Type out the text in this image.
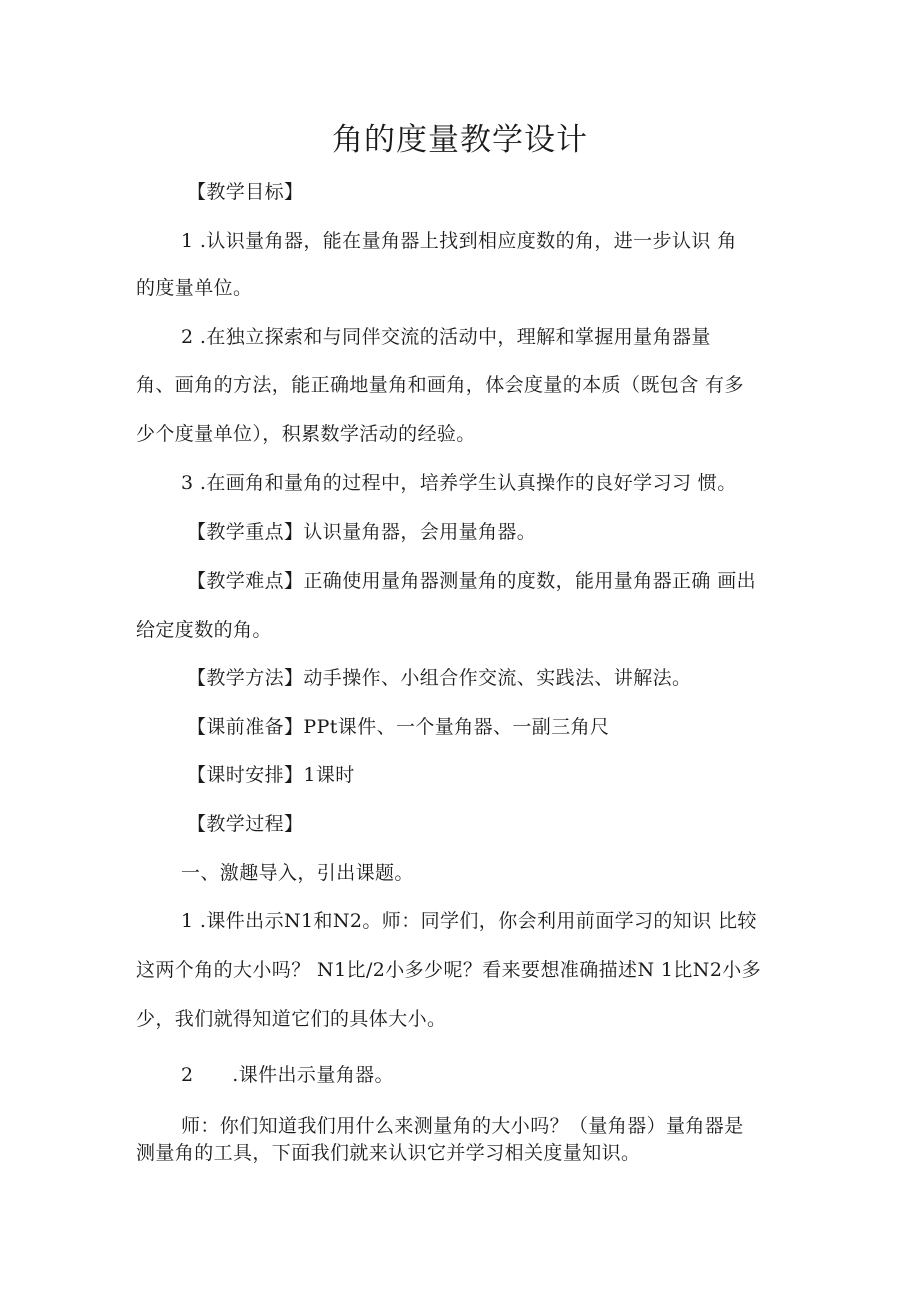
角的度量教学设计
【教学目标】
1 .认识量角器，能在量角器上找到相应度数的角，进一步认识 角
的度量单位。
2 .在独立探索和与同伴交流的活动中，理解和掌握用量角器量
角、画角的方法，能正确地量角和画角，体会度量的本质（既包含 有多
少个度量单位），积累数学活动的经验。
3 .在画角和量角的过程中，培养学生认真操作的良好学习习 惯。
【教学重点】认识量角器，会用量角器。
【教学难点】正确使用量角器测量角的度数，能用量角器正确 画出
给定度数的角。
【教学方法】动手操作、小组合作交流、实践法、讲解法。
【课前准备】PPt课件、一个量角器、一副三角尺
【课时安排】1课时
【教学过程】
一、激趣导入，引出课题。
1 .课件出示N1和N2。师：同学们，你会利用前面学习的知识 比较
这两个角的大小吗？ N1比/2小多少呢？看来要想准确描述N 1比N2小多
少，我们就得知道它们的具体大小。
2　　.课件出示量角器。
师：你们知道我们用什么来测量角的大小吗？（量角器）量角器是
测量角的工具，下面我们就来认识它并学习相关度量知识。
